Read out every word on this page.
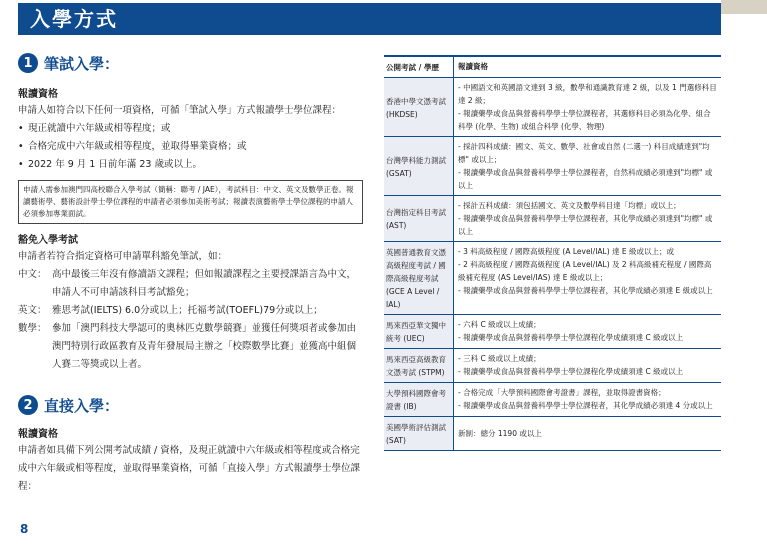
入學方式
1 筆試入學：
報讀資格
申請人如符合以下任何一項資格，可循「筆試入學」方式報讀學士學位課程：
• 現正就讀中六年級或相等程度；或
• 合格完成中六年級或相等程度，並取得畢業資格；或
• 2022 年 9 月 1 日前年滿 23 歲或以上。
申請人需參加澳門四高校聯合入學考試（簡稱：聯考 / JAE），考試科目：中文、英文及數學正卷。報讀藝術學、藝術設計學士學位課程的申請者必須參加美術考試；報讀表演藝術學士學位課程的申請人必須參加專業面試。
豁免入學考試
申請者若符合指定資格可申請單科豁免筆試，如：
中文： 高中最後三年沒有修讀語文課程；但如報讀課程之主要授課語言為中文，申請人不可申請該科目考試豁免；
英文： 雅思考試(IELTS) 6.0分或以上；托福考試(TOEFL)79分或以上；
數學： 參加「澳門科技大學認可的奧林匹克數學競賽」並獲任何獎項者或參加由澳門特別行政區教育及青年發展局主辦之「校際數學比賽」並獲高中組個人賽二等獎或以上者。
2 直接入學：
報讀資格
申請者如具備下列公開考試成績 / 資格，及現正就讀中六年級或相等程度或合格完成中六年級或相等程度，並取得畢業資格，可循「直接入學」方式報讀學士學位課程：
8
公開考試 / 學歷	報讀資格
香港中學文憑考試 (HKDSE)
- 中國語文和英國語文達到 3 級，數學和通識教育達 2 級，以及 1 門選修科目達 2 級；
- 報讀藥學或食品與營養科學學士學位課程者，其選修科目必須為化學、組合科學 (化學、生物) 或組合科學 (化學、物理)
台灣學科能力測試 (GSAT)
- 採計四科成績：國文、英文、數學、社會或自然 (二選一) 科目成績達到"均標" 或以上；
- 報讀藥學或食品與營養科學學士學位課程者，自然科成績必須達到"均標" 或以上
台灣指定科目考試 (AST)
- 採計五科成績：須包括國文、英文及數學科目達「均標」或以上；
- 報讀藥學或食品與營養科學學士學位課程者，其化學成績必須達到"均標" 或以上
英國普通教育文憑高級程度考試 / 國際高級程度考試 (GCE A Level / IAL)
- 3 科高級程度 / 國際高級程度 (A Level/IAL) 達 E 級或以上；或
- 2 科高級程度 / 國際高級程度 (A Level/IAL) 及 2 科高級補充程度 / 國際高級補充程度 (AS Level/IAS) 達 E 級或以上；
- 報讀藥學或食品與營養科學學士學位課程者，其化學成績必須達 E 級或以上
馬來西亞華文獨中統考 (UEC)
- 六科 C 級或以上成績；
- 報讀藥學或食品與營養科學學士學位課程化學成績須達 C 級或以上
馬來西亞高級教育文憑考試 (STPM)
- 三科 C 級或以上成績；
- 報讀藥學或食品與營養科學學士學位課程化學成績須達 C 級或以上
大學預科國際會考證書 (IB)
- 合格完成「大學預科國際會考證書」課程，並取得證書資格；
- 報讀藥學或食品與營養科學學士學位課程者，其化學成績必須達 4 分或以上
美國學術評估測試 (SAT)
新制：總分 1190 或以上
